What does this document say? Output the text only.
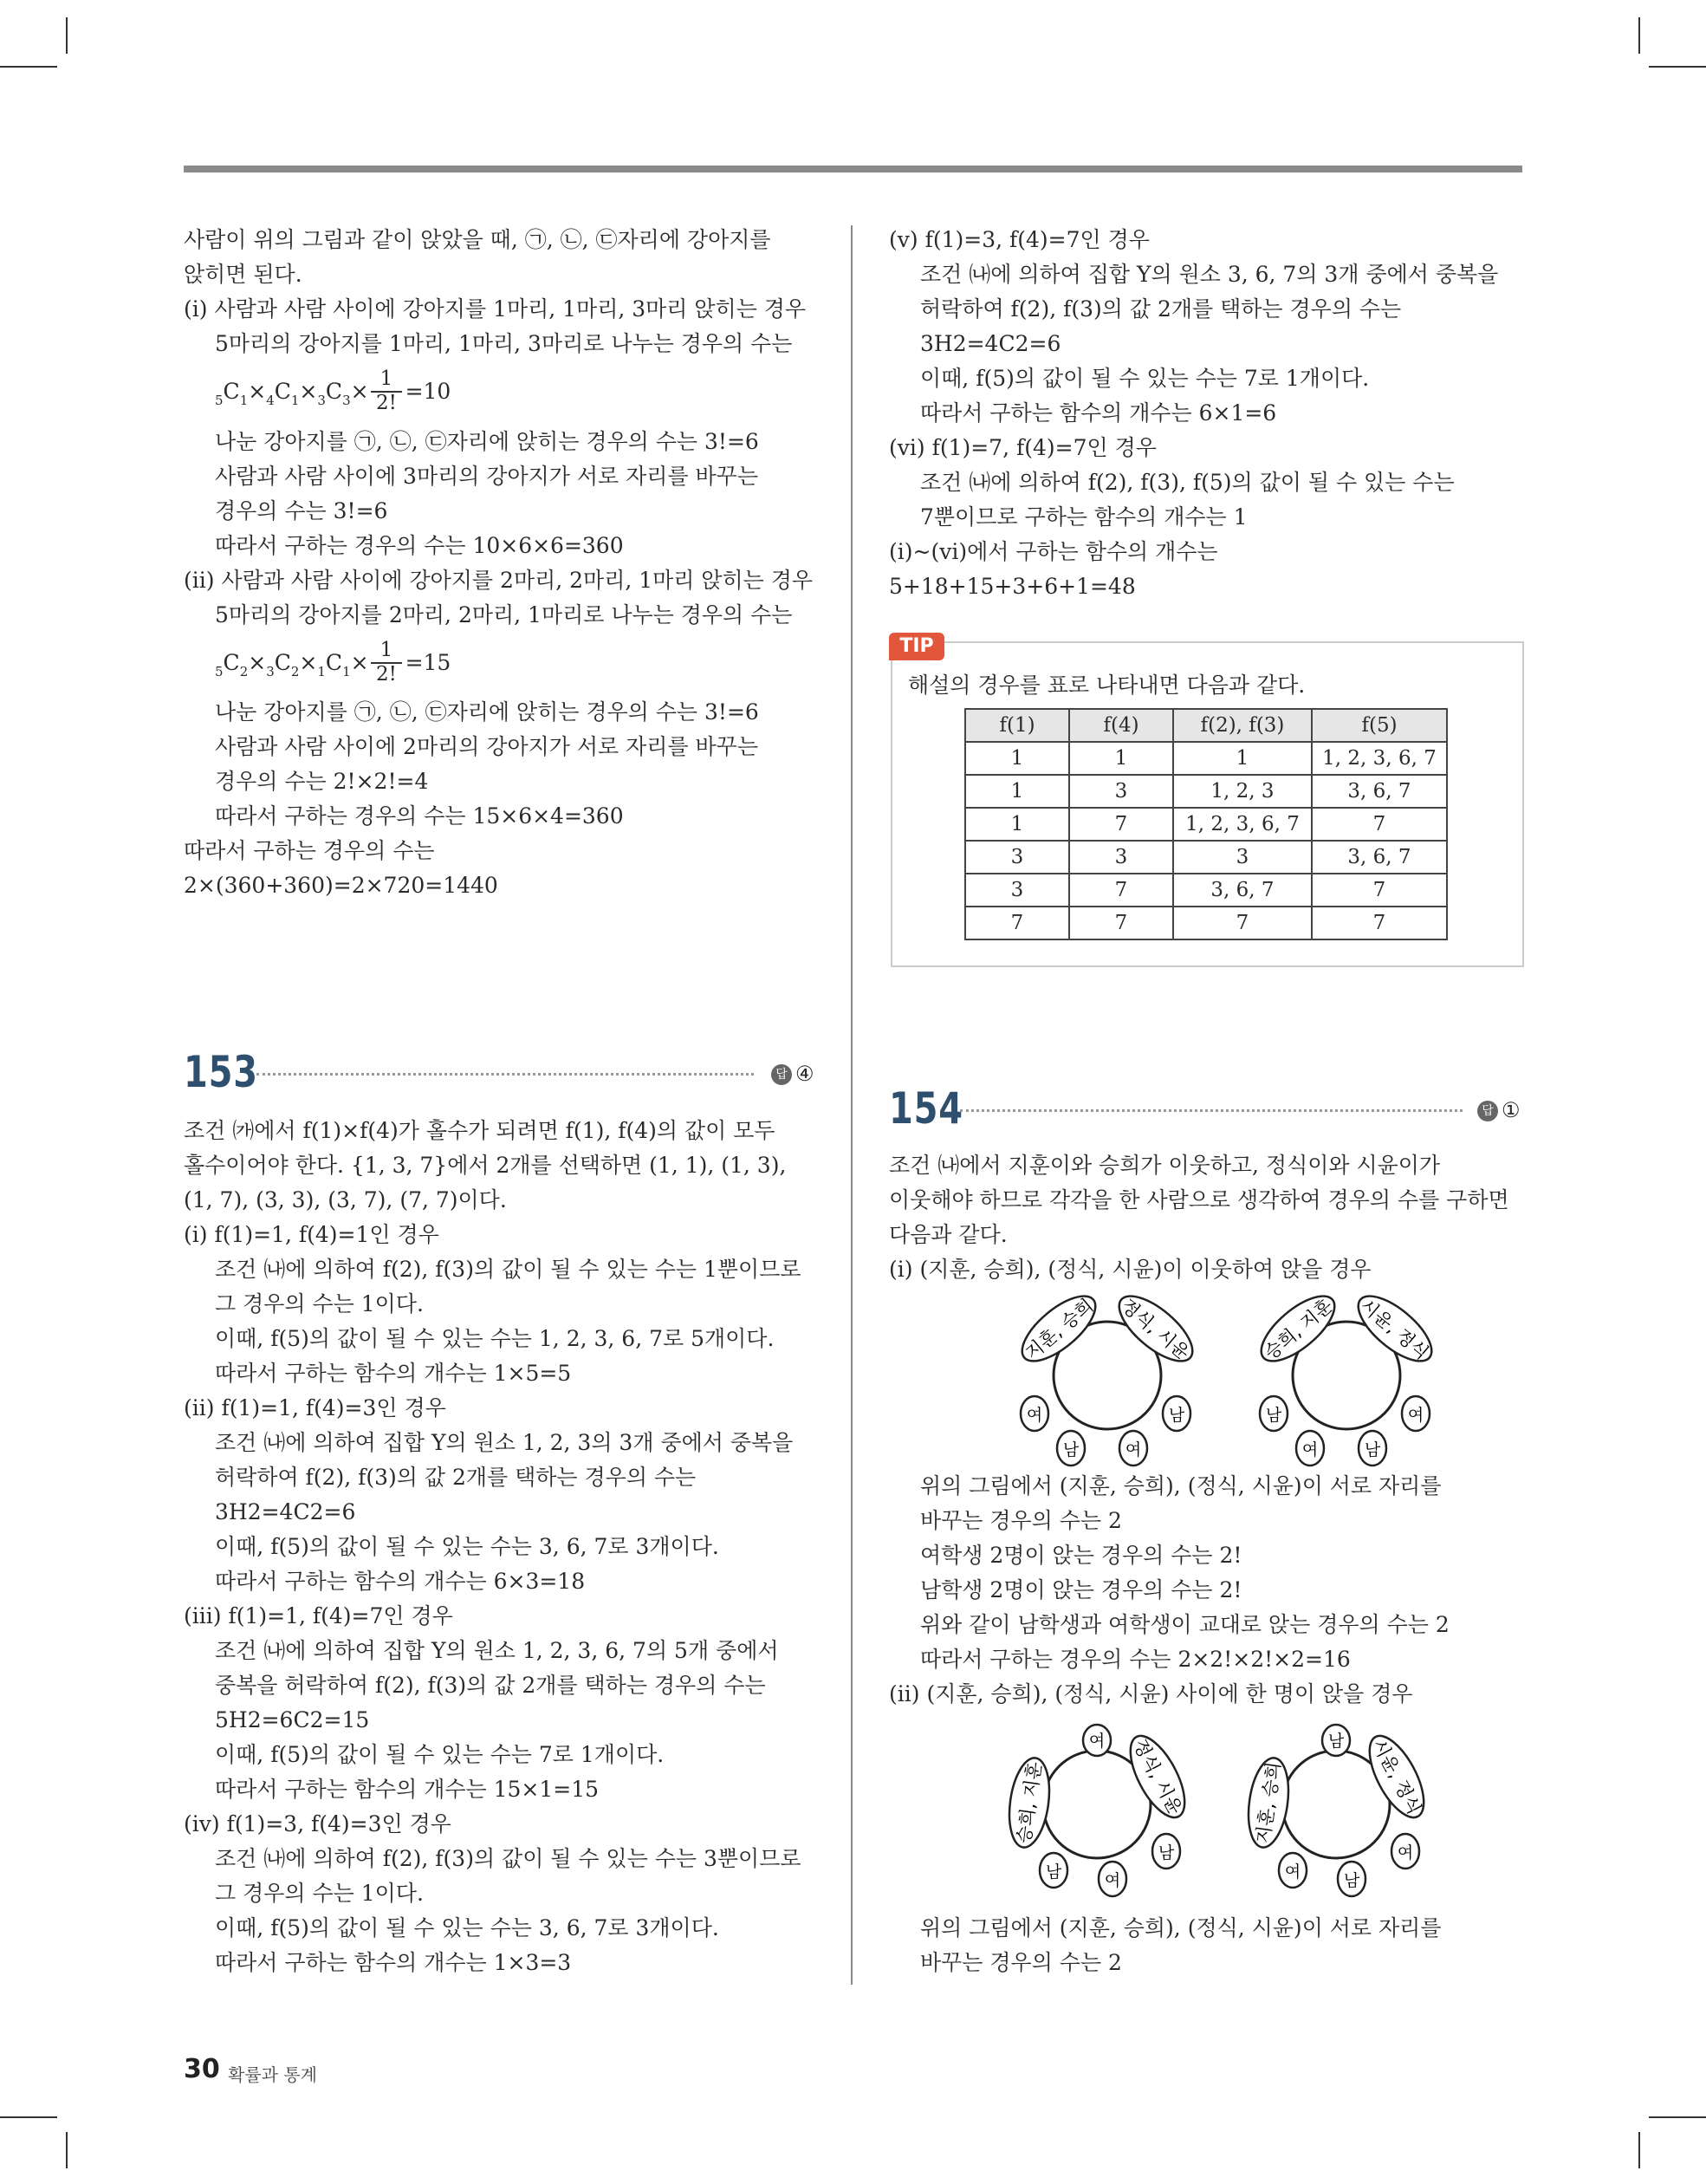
사람이 위의 그림과 같이 앉았을 때, ㉠, ㉡, ㉢자리에 강아지를
앉히면 된다.
(ⅰ) 사람과 사람 사이에 강아지를 1마리, 1마리, 3마리 앉히는 경우
5마리의 강아지를 1마리, 1마리, 3마리로 나누는 경우의 수는
$_5C_1\times_4C_1\times_3C_3\times =10$
1
2!
나눈 강아지를 ㉠, ㉡, ㉢자리에 앉히는 경우의 수는 3!=6
사람과 사람 사이에 3마리의 강아지가 서로 자리를 바꾸는
경우의 수는 3!=6
따라서 구하는 경우의 수는 10×6×6=360
(ⅱ) 사람과 사람 사이에 강아지를 2마리, 2마리, 1마리 앉히는 경우
5마리의 강아지를 2마리, 2마리, 1마리로 나누는 경우의 수는
$_5C_2\times_3C_2\times_1C_1\times =15$
1
2!
나눈 강아지를 ㉠, ㉡, ㉢자리에 앉히는 경우의 수는 3!=6
사람과 사람 사이에 2마리의 강아지가 서로 자리를 바꾸는
경우의 수는 2!×2!=4
따라서 구하는 경우의 수는 15×6×4=360
따라서 구하는 경우의 수는
2×(360+360)=2×720=1440
(ⅴ) f(1)=3, f(4)=7인 경우
조건 ㈏에 의하여 집합 Y의 원소 3, 6, 7의 3개 중에서 중복을
허락하여 f(2), f(3)의 값 2개를 택하는 경우의 수는
3H2=4C2=6
이때, f(5)의 값이 될 수 있는 수는 7로 1개이다.
따라서 구하는 함수의 개수는 6×1=6
(ⅵ) f(1)=7, f(4)=7인 경우
조건 ㈏에 의하여 f(2), f(3), f(5)의 값이 될 수 있는 수는
7뿐이므로 구하는 함수의 개수는 1
(ⅰ)~(ⅵ)에서 구하는 함수의 개수는
5+18+15+3+6+1=48
TIP
해설의 경우를 표로 나타내면 다음과 같다.
f(1)	f(4)	f(2), f(3)	f(5)
1	1	1	1, 2, 3, 6, 7
1	3	1, 2, 3	3, 6, 7
1	7	1, 2, 3, 6, 7	7
3	3	3	3, 6, 7
3	7	3, 6, 7	7
7	7	7	7
153	답 ④
조건 ㈎에서 f(1)×f(4)가 홀수가 되려면 f(1), f(4)의 값이 모두
홀수이어야 한다. {1, 3, 7}에서 2개를 선택하면 (1, 1), (1, 3),
(1, 7), (3, 3), (3, 7), (7, 7)이다.
(ⅰ) f(1)=1, f(4)=1인 경우
조건 ㈏에 의하여 f(2), f(3)의 값이 될 수 있는 수는 1뿐이므로
그 경우의 수는 1이다.
이때, f(5)의 값이 될 수 있는 수는 1, 2, 3, 6, 7로 5개이다.
따라서 구하는 함수의 개수는 1×5=5
(ⅱ) f(1)=1, f(4)=3인 경우
조건 ㈏에 의하여 집합 Y의 원소 1, 2, 3의 3개 중에서 중복을
허락하여 f(2), f(3)의 값 2개를 택하는 경우의 수는
3H2=4C2=6
이때, f(5)의 값이 될 수 있는 수는 3, 6, 7로 3개이다.
따라서 구하는 함수의 개수는 6×3=18
(ⅲ) f(1)=1, f(4)=7인 경우
조건 ㈏에 의하여 집합 Y의 원소 1, 2, 3, 6, 7의 5개 중에서
중복을 허락하여 f(2), f(3)의 값 2개를 택하는 경우의 수는
5H2=6C2=15
이때, f(5)의 값이 될 수 있는 수는 7로 1개이다.
따라서 구하는 함수의 개수는 15×1=15
(ⅳ) f(1)=3, f(4)=3인 경우
조건 ㈏에 의하여 f(2), f(3)의 값이 될 수 있는 수는 3뿐이므로
그 경우의 수는 1이다.
이때, f(5)의 값이 될 수 있는 수는 3, 6, 7로 3개이다.
따라서 구하는 함수의 개수는 1×3=3
154	답 ①
조건 ㈏에서 지훈이와 승희가 이웃하고, 정식이와 시윤이가
이웃해야 하므로 각각을 한 사람으로 생각하여 경우의 수를 구하면
다음과 같다.
(ⅰ) (지훈, 승희), (정식, 시윤)이 이웃하여 앉을 경우
위의 그림에서 (지훈, 승희), (정식, 시윤)이 서로 자리를
바꾸는 경우의 수는 2
여학생 2명이 앉는 경우의 수는 2!
남학생 2명이 앉는 경우의 수는 2!
위와 같이 남학생과 여학생이 교대로 앉는 경우의 수는 2
따라서 구하는 경우의 수는 2×2!×2!×2=16
(ⅱ) (지훈, 승희), (정식, 시윤) 사이에 한 명이 앉을 경우
위의 그림에서 (지훈, 승희), (정식, 시윤)이 서로 자리를
바꾸는 경우의 수는 2
지훈, 승희 정식, 시윤
여	남
남	여
승희, 지훈 시윤, 정식
남	여
여	남
여
승희, 지훈	정식, 시윤
남
남	여
남
지훈, 승희	시윤, 정식
여
여	남
30 확률과 통계
